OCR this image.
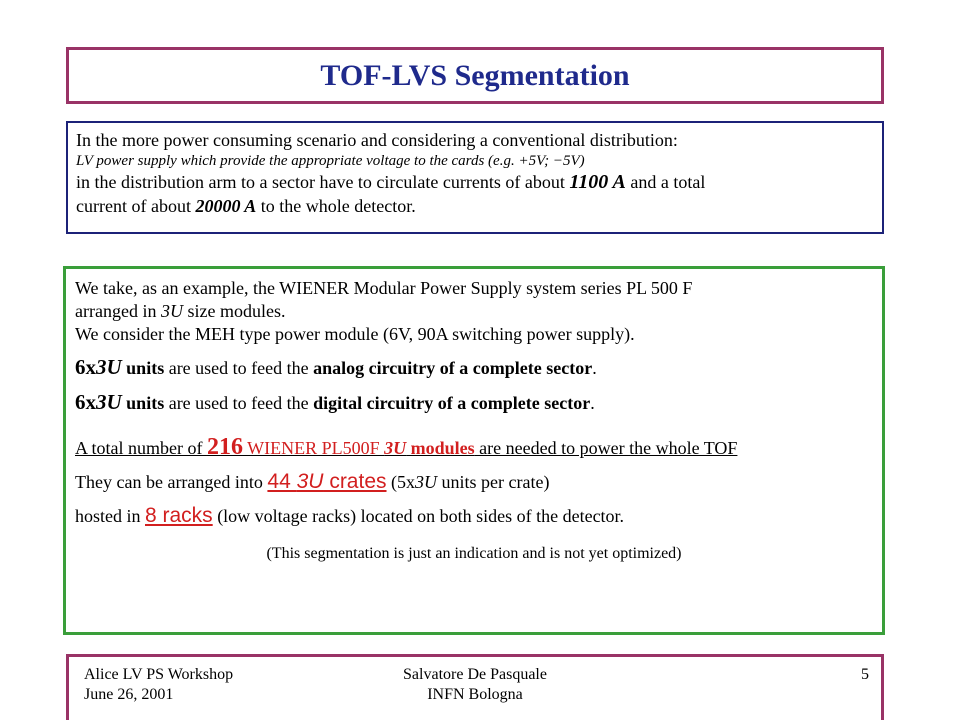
TOF-LVS Segmentation

In the more power consuming scenario and considering a conventional distribution:

LV power supply which provide the appropriate voltage to the cards (e.g. +5V; −5V)

in the distribution arm to a sector have to circulate currents of about 1100 A and a total

current of about 20000 A to the whole detector.

We take, as an example, the WIENER Modular Power Supply system series PL 500 F

arranged in 3U size modules.

We consider the MEH type power module (6V, 90A switching power supply).

6x3U units are used to feed the analog circuitry of a complete sector.

6x3U units are used to feed the digital circuitry of a complete sector.

A total number of 216 WIENER PL500F 3U modules are needed to power the whole TOF

They can be arranged into 44 3U crates (5x3U units per crate)

hosted in 8 racks (low voltage racks) located on both sides of the detector.

(This segmentation is just an indication and is not yet optimized)

Alice LV PS Workshop
June 26, 2001
Salvatore De Pasquale
INFN Bologna
5
